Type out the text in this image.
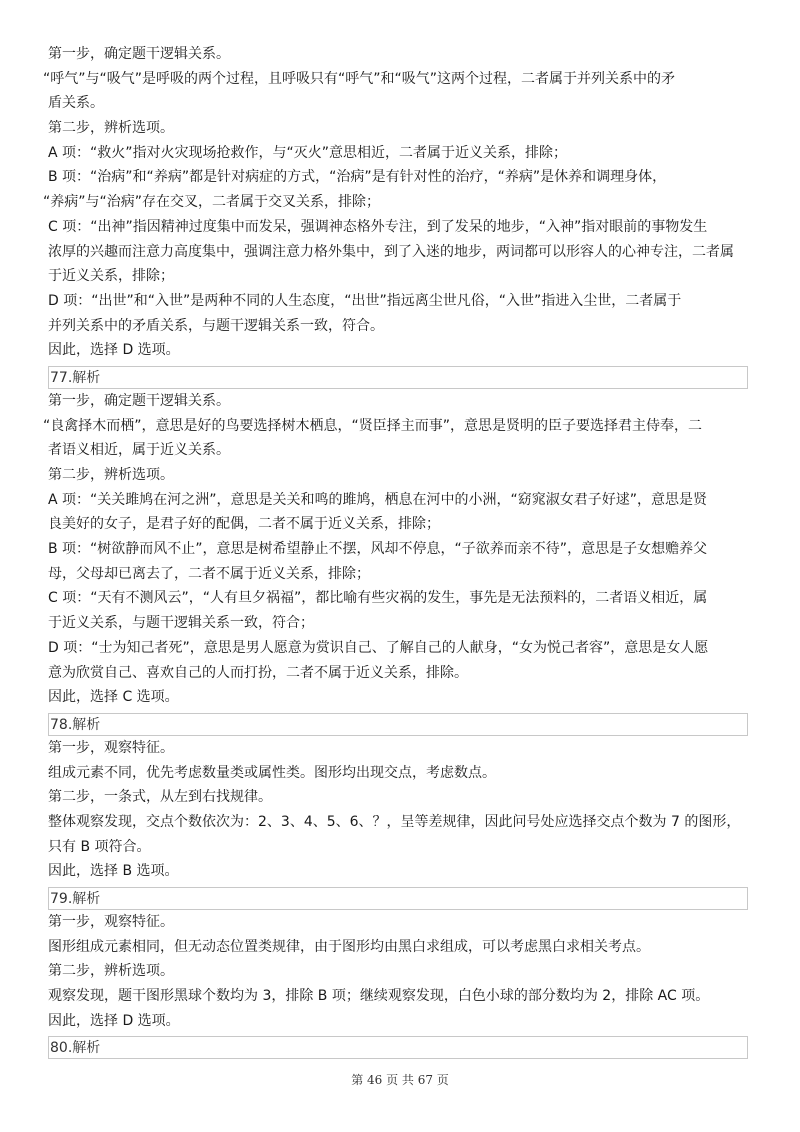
第一步，确定题干逻辑关系。
“呼气”与“吸气”是呼吸的两个过程，且呼吸只有“呼气”和“吸气”这两个过程，二者属于并列关系中的矛
盾关系。
第二步，辨析选项。
A 项：“救火”指对火灾现场抢救作，与“灭火”意思相近，二者属于近义关系，排除；
B 项：“治病”和“养病”都是针对病症的方式，“治病”是有针对性的治疗，“养病”是休养和调理身体，
“养病”与“治病”存在交叉，二者属于交叉关系，排除；
C 项：“出神”指因精神过度集中而发呆，强调神态格外专注，到了发呆的地步，“入神”指对眼前的事物发生
浓厚的兴趣而注意力高度集中，强调注意力格外集中，到了入迷的地步，两词都可以形容人的心神专注，二者属
于近义关系，排除；
D 项：“出世”和“入世”是两种不同的人生态度，“出世”指远离尘世凡俗，“入世”指进入尘世，二者属于
并列关系中的矛盾关系，与题干逻辑关系一致，符合。
因此，选择 D 选项。
77.解析
第一步，确定题干逻辑关系。
“良禽择木而栖”，意思是好的鸟要选择树木栖息，“贤臣择主而事”，意思是贤明的臣子要选择君主侍奉，二
者语义相近，属于近义关系。
第二步，辨析选项。
A 项：“关关雎鸠在河之洲”，意思是关关和鸣的雎鸠，栖息在河中的小洲，“窈窕淑女君子好逑”，意思是贤
良美好的女子，是君子好的配偶，二者不属于近义关系，排除；
B 项：“树欲静而风不止”，意思是树希望静止不摆，风却不停息，“子欲养而亲不待”，意思是子女想赡养父
母，父母却已离去了，二者不属于近义关系，排除；
C 项：“天有不测风云”，“人有旦夕祸福”，都比喻有些灾祸的发生，事先是无法预料的，二者语义相近，属
于近义关系，与题干逻辑关系一致，符合；
D 项：“士为知己者死”，意思是男人愿意为赏识自己、了解自己的人献身，“女为悦己者容”，意思是女人愿
意为欣赏自己、喜欢自己的人而打扮，二者不属于近义关系，排除。
因此，选择 C 选项。
78.解析
第一步，观察特征。
组成元素不同，优先考虑数量类或属性类。图形均出现交点，考虑数点。
第二步，一条式，从左到右找规律。
整体观察发现，交点个数依次为：2、3、4、5、6、？，呈等差规律，因此问号处应选择交点个数为 7 的图形，
只有 B 项符合。
因此，选择 B 选项。
79.解析
第一步，观察特征。
图形组成元素相同，但无动态位置类规律，由于图形均由黑白求组成，可以考虑黑白求相关考点。
第二步，辨析选项。
观察发现，题干图形黑球个数均为 3，排除 B 项；继续观察发现，白色小球的部分数均为 2，排除 AC 项。
因此，选择 D 选项。
80.解析
第 46 页 共 67 页
